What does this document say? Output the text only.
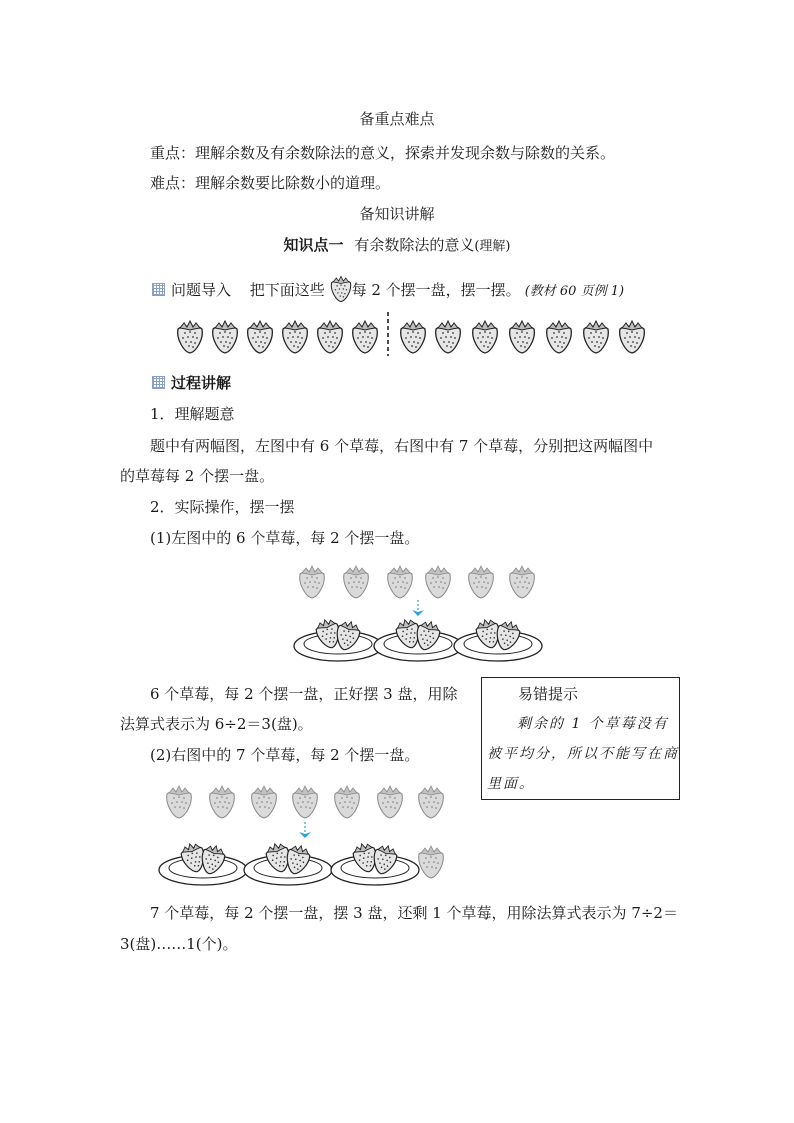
备重点难点
重点：理解余数及有余数除法的意义，探索并发现余数与除数的关系。
难点：理解余数要比除数小的道理。
备知识讲解
知识点一 有余数除法的意义(理解)
问题导入 把下面这些 每 2 个摆一盘，摆一摆。 (教材 60 页例 1)
过程讲解
1．理解题意
题中有两幅图，左图中有 6 个草莓，右图中有 7 个草莓，分别把这两幅图中
的草莓每 2 个摆一盘。
2．实际操作，摆一摆
(1)左图中的 6 个草莓，每 2 个摆一盘。
6 个草莓，每 2 个摆一盘，正好摆 3 盘，用除
法算式表示为 6÷2＝3(盘)。
(2)右图中的 7 个草莓，每 2 个摆一盘。
易错提示
剩余的 1 个草莓没有
被平均分，所以不能写在商
里面。
7 个草莓，每 2 个摆一盘，摆 3 盘，还剩 1 个草莓，用除法算式表示为 7÷2＝
3(盘)……1(个)。
